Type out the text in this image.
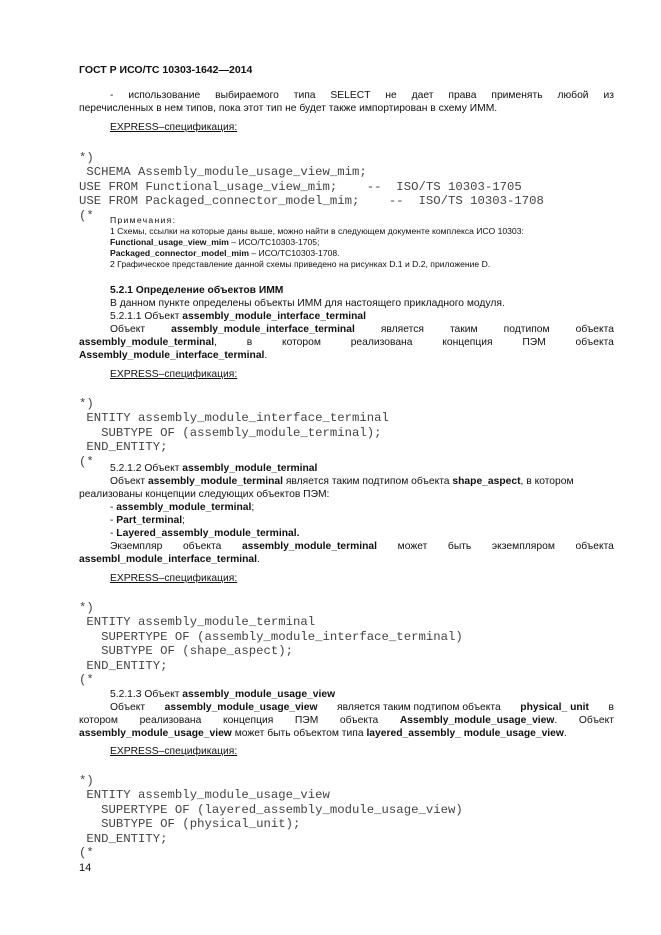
ГОСТ Р ИСО/ТС 10303-1642—2014
- использование выбираемого типа SELECT не дает права применять любой из
перечисленных в нем типов, пока этот тип не будет также импортирован в схему ИММ.
EXPRESS–спецификация:

*)
SCHEMA Assembly_module_usage_view_mim;
USE FROM Functional_usage_view_mim;    --  ISO/TS 10303-1705
USE FROM Packaged_connector_model_mim;    --  ISO/TS 10303-1708
(*	Примечания:
1 Схемы, ссылки на которые даны выше, можно найти в следующем документе комплекса ИСО 10303:
Functional_usage_view_mim – ИСО/ТС10303-1705;
Packaged_connector_model_mim – ИСО/ТС10303-1708.
2 Графическое представление данной схемы приведено на рисунках D.1 и D.2, приложение D.
5.2.1 Определение объектов ИММ
В данном пункте определены объекты ИММ для настоящего прикладного модуля.
5.2.1.1 Объект assembly_module_interface_terminal
Объект	assembly_module_interface_terminal	является	таким	подтипом	объекта
assembly_module_terminal,	в	котором	реализована	концепция	ПЭМ	объекта
Assembly_module_interface_terminal.
EXPRESS–спецификация:

*)
ENTITY assembly_module_interface_terminal
SUBTYPE OF (assembly_module_terminal);
END_ENTITY;
(*	5.2.1.2 Объект assembly_module_terminal
Объект assembly_module_terminal является таким подтипом объекта shape_aspect, в котором
реализованы концепции следующих объектов ПЭМ:
- assembly_module_terminal;
- Part_terminal;
- Layered_assembly_module_terminal.
Экземпляр объекта assembly_module_terminal может быть экземпляром объекта
assembl_module_interface_terminal.
EXPRESS–спецификация:

*)
ENTITY assembly_module_terminal
SUPERTYPE OF (assembly_module_interface_terminal)
SUBTYPE OF (shape_aspect);
END_ENTITY;
(*

5.2.1.3 Объект assembly_module_usage_view
Объект assembly_module_usage_view является таким подтипом объекта physical_ unit в
котором реализована концепция ПЭМ объекта Assembly_module_usage_view. Объект
assembly_module_usage_view может быть объектом типа layered_assembly_ module_usage_view.
EXPRESS–спецификация:

*)
ENTITY assembly_module_usage_view
SUPERTYPE OF (layered_assembly_module_usage_view)
SUBTYPE OF (physical_unit);
END_ENTITY;
(*

14
